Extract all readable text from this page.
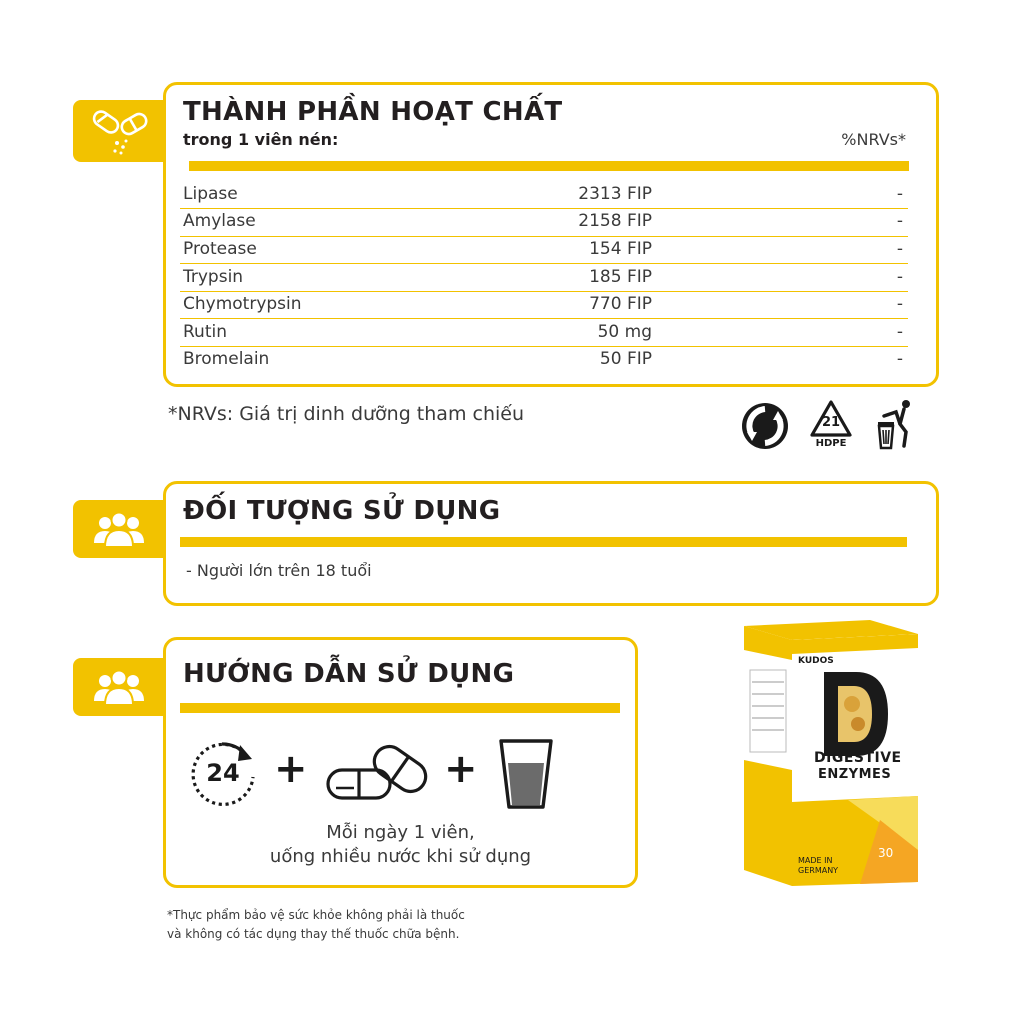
THÀNH PHẦN HOẠT CHẤT
trong 1 viên nén:	%NRVs*
Lipase	2313 FIP	-
Amylase	2158 FIP	-
Protease	154 FIP	-
Trypsin	185 FIP	-
Chymotrypsin	770 FIP	-
Rutin	50 mg	-
Bromelain	50 FIP	-
*NRVs: Giá trị dinh dưỡng tham chiếu	21
HDPE
ĐỐI TƯỢNG SỬ DỤNG
- Người lớn trên 18 tuổi
HƯỚNG DẪN SỬ DỤNG
24 +	+
Mỗi ngày 1 viên,
uống nhiều nước khi sử dụng
KUDOS
DIGESTIVE
ENZYMES
MADE IN
GERMANY
30
*Thực phẩm bảo vệ sức khỏe không phải là thuốc
và không có tác dụng thay thế thuốc chữa bệnh.
